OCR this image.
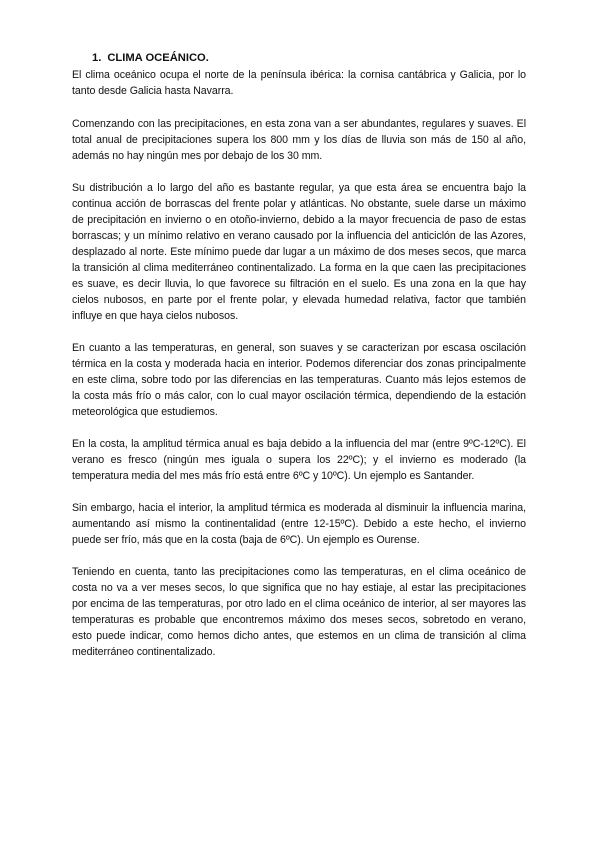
1. CLIMA OCEÁNICO.

El clima oceánico ocupa el norte de la península ibérica: la cornisa cantábrica y Galicia, por lo tanto desde Galicia hasta Navarra.

Comenzando con las precipitaciones, en esta zona van a ser abundantes, regulares y suaves. El total anual de precipitaciones supera los 800 mm y los días de lluvia son más de 150 al año, además no hay ningún mes por debajo de los 30 mm.

Su distribución a lo largo del año es bastante regular, ya que esta área se encuentra bajo la continua acción de borrascas del frente polar y atlánticas. No obstante, suele darse un máximo de precipitación en invierno o en otoño-invierno, debido a la mayor frecuencia de paso de estas borrascas; y un mínimo relativo en verano causado por la influencia del anticiclón de las Azores, desplazado al norte. Este mínimo puede dar lugar a un máximo de dos meses secos, que marca la transición al clima mediterráneo continentalizado. La forma en la que caen las precipitaciones es suave, es decir lluvia, lo que favorece su filtración en el suelo. Es una zona en la que hay cielos nubosos, en parte por el frente polar, y elevada humedad relativa, factor que también influye en que haya cielos nubosos.

En cuanto a las temperaturas, en general, son suaves y se caracterizan por escasa oscilación térmica en la costa y moderada hacia en interior. Podemos diferenciar dos zonas principalmente en este clima, sobre todo por las diferencias en las temperaturas. Cuanto más lejos estemos de la costa más frío o más calor, con lo cual mayor oscilación térmica, dependiendo de la estación meteorológica que estudiemos.

En la costa, la amplitud térmica anual es baja debido a la influencia del mar (entre 9ºC-12ºC). El verano es fresco (ningún mes iguala o supera los 22ºC); y el invierno es moderado (la temperatura media del mes más frío está entre 6ºC y 10ºC). Un ejemplo es Santander.

Sin embargo, hacia el interior, la amplitud térmica es moderada al disminuir la influencia marina, aumentando así mismo la continentalidad (entre 12-15ºC). Debido a este hecho, el invierno puede ser frío, más que en la costa (baja de 6ºC). Un ejemplo es Ourense.

Teniendo en cuenta, tanto las precipitaciones como las temperaturas, en el clima oceánico de costa no va a ver meses secos, lo que significa que no hay estiaje, al estar las precipitaciones por encima de las temperaturas, por otro lado en el clima oceánico de interior, al ser mayores las temperaturas es probable que encontremos máximo dos meses secos, sobretodo en verano, esto puede indicar, como hemos dicho antes, que estemos en un clima de transición al clima mediterráneo continentalizado.
